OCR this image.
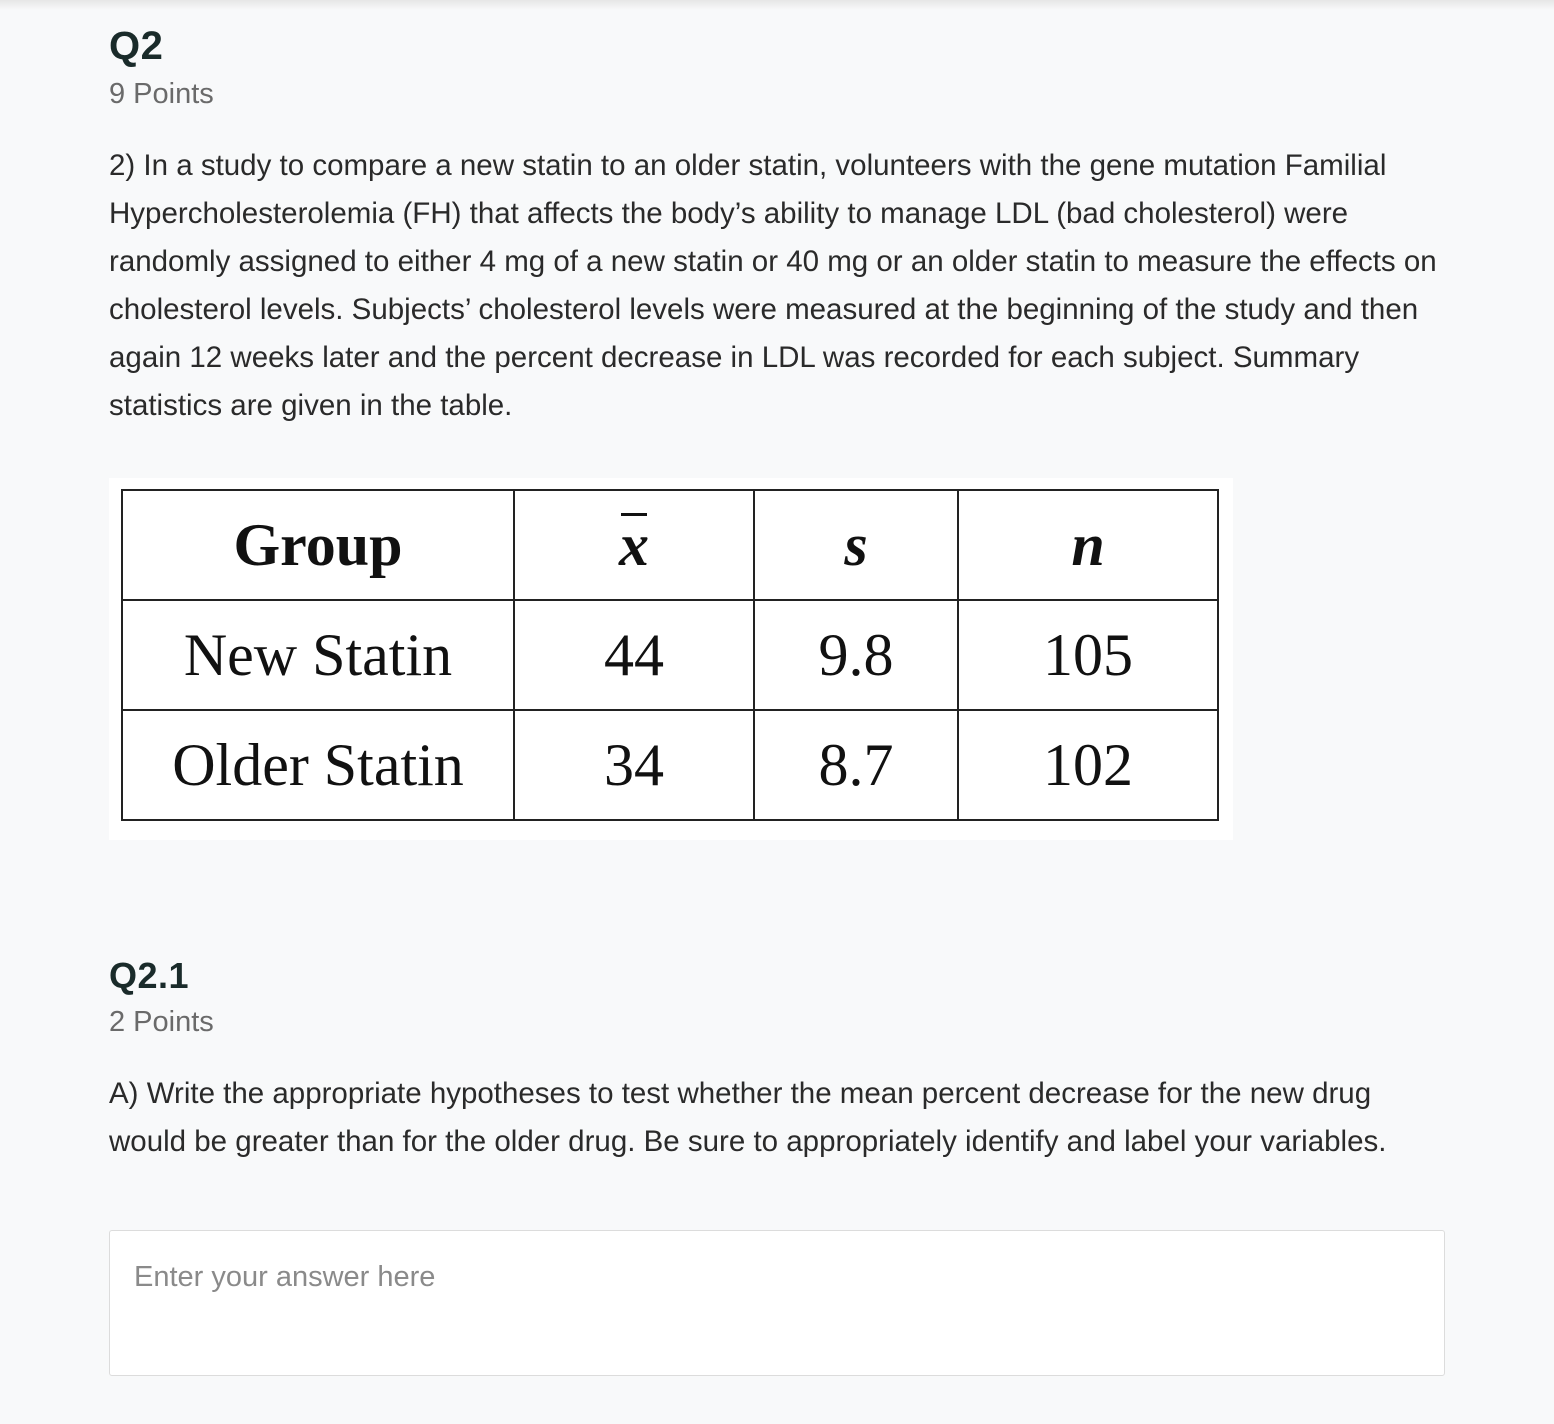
Q2
9 Points

2) In a study to compare a new statin to an older statin, volunteers with the gene mutation Familial Hypercholesterolemia (FH) that affects the body’s ability to manage LDL (bad cholesterol) were randomly assigned to either 4 mg of a new statin or 40 mg or an older statin to measure the effects on cholesterol levels. Subjects’ cholesterol levels were measured at the beginning of the study and then again 12 weeks later and the percent decrease in LDL was recorded for each subject. Summary statistics are given in the table.

Group	x	s	n
New Statin	44	9.8	105
Older Statin	34	8.7	102
Q2.1
2 Points

A) Write the appropriate hypotheses to test whether the mean percent decrease for the new drug would be greater than for the older drug. Be sure to appropriately identify and label your variables.

Enter your answer here
